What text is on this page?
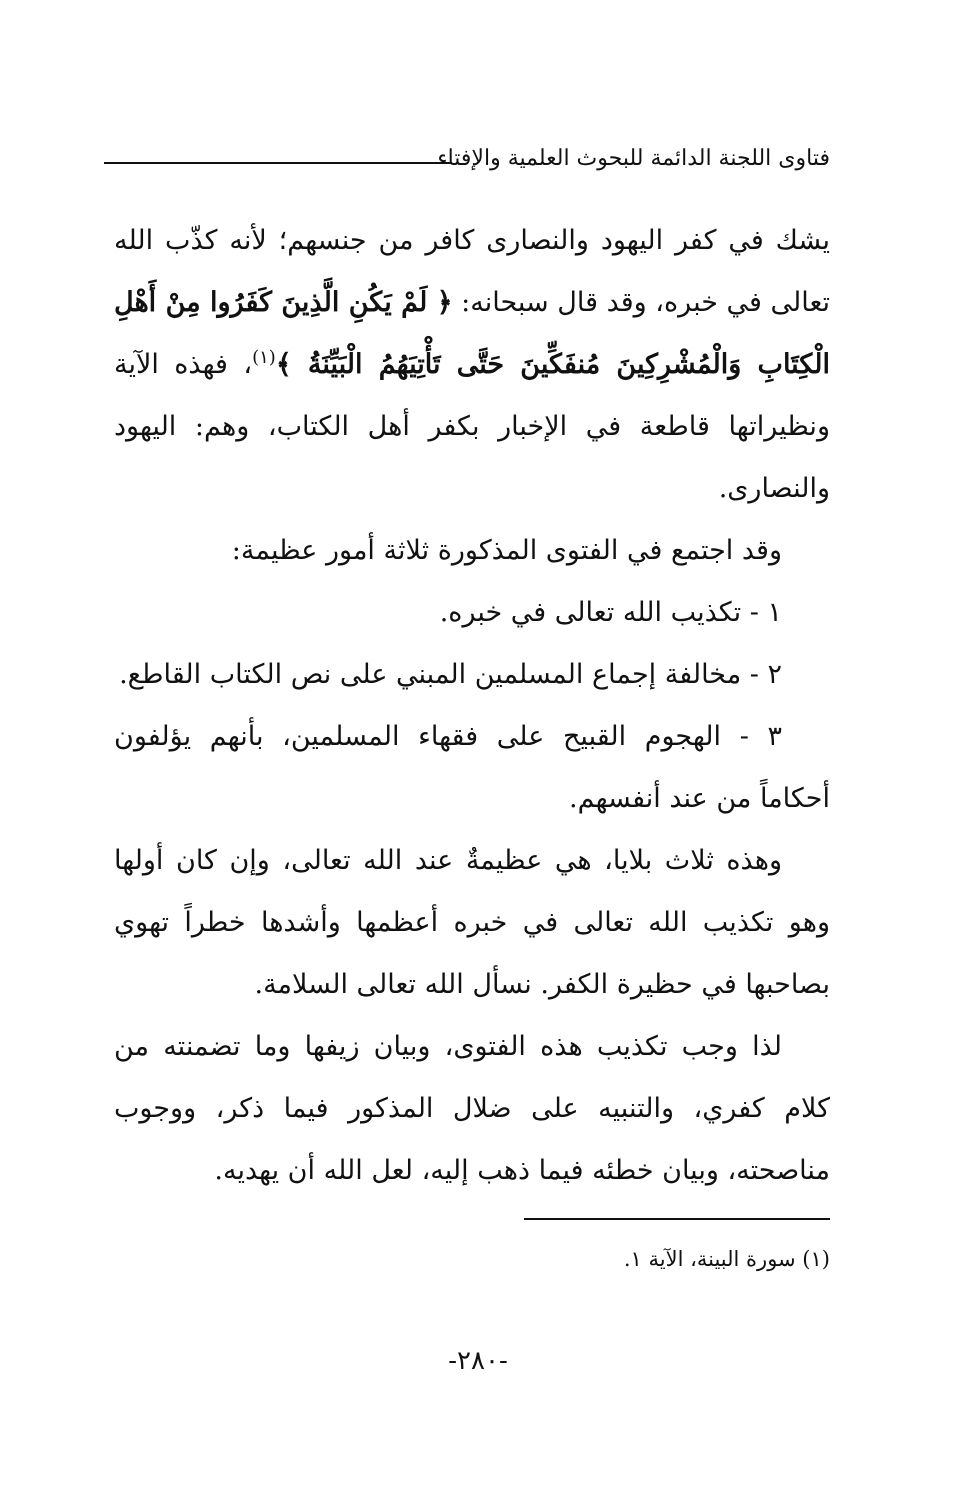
فتاوى اللجنة الدائمة للبحوث العلمية والإفتاء
يشك في كفر اليهود والنصارى كافر من جنسهم؛ لأنه كذّب الله
تعالى في خبره، وقد قال سبحانه: ﴿ لَمْ يَكُنِ الَّذِينَ كَفَرُوا مِنْ أَهْلِ
الْكِتَابِ وَالْمُشْرِكِينَ مُنفَكِّينَ حَتَّى تَأْتِيَهُمُ الْبَيِّنَةُ ﴾$^{(١)}$، فهذه الآية
ونظيراتها قاطعة في الإخبار بكفر أهل الكتاب، وهم: اليهود
والنصارى.
وقد اجتمع في الفتوى المذكورة ثلاثة أمور عظيمة:
١ - تكذيب الله تعالى في خبره.
٢ - مخالفة إجماع المسلمين المبني على نص الكتاب القاطع.
٣ - الهجوم القبيح على فقهاء المسلمين، بأنهم يؤلفون
أحكاماً من عند أنفسهم.
وهذه ثلاث بلايا، هي عظيمةٌ عند الله تعالى، وإن كان أولها
وهو تكذيب الله تعالى في خبره أعظمها وأشدها خطراً تهوي
بصاحبها في حظيرة الكفر. نسأل الله تعالى السلامة.
لذا وجب تكذيب هذه الفتوى، وبيان زيفها وما تضمنته من
كلام كفري، والتنبيه على ضلال المذكور فيما ذكر، ووجوب
مناصحته، وبيان خطئه فيما ذهب إليه، لعل الله أن يهديه.
(١) سورة البينة، الآية ١.
-٢٨٠-
